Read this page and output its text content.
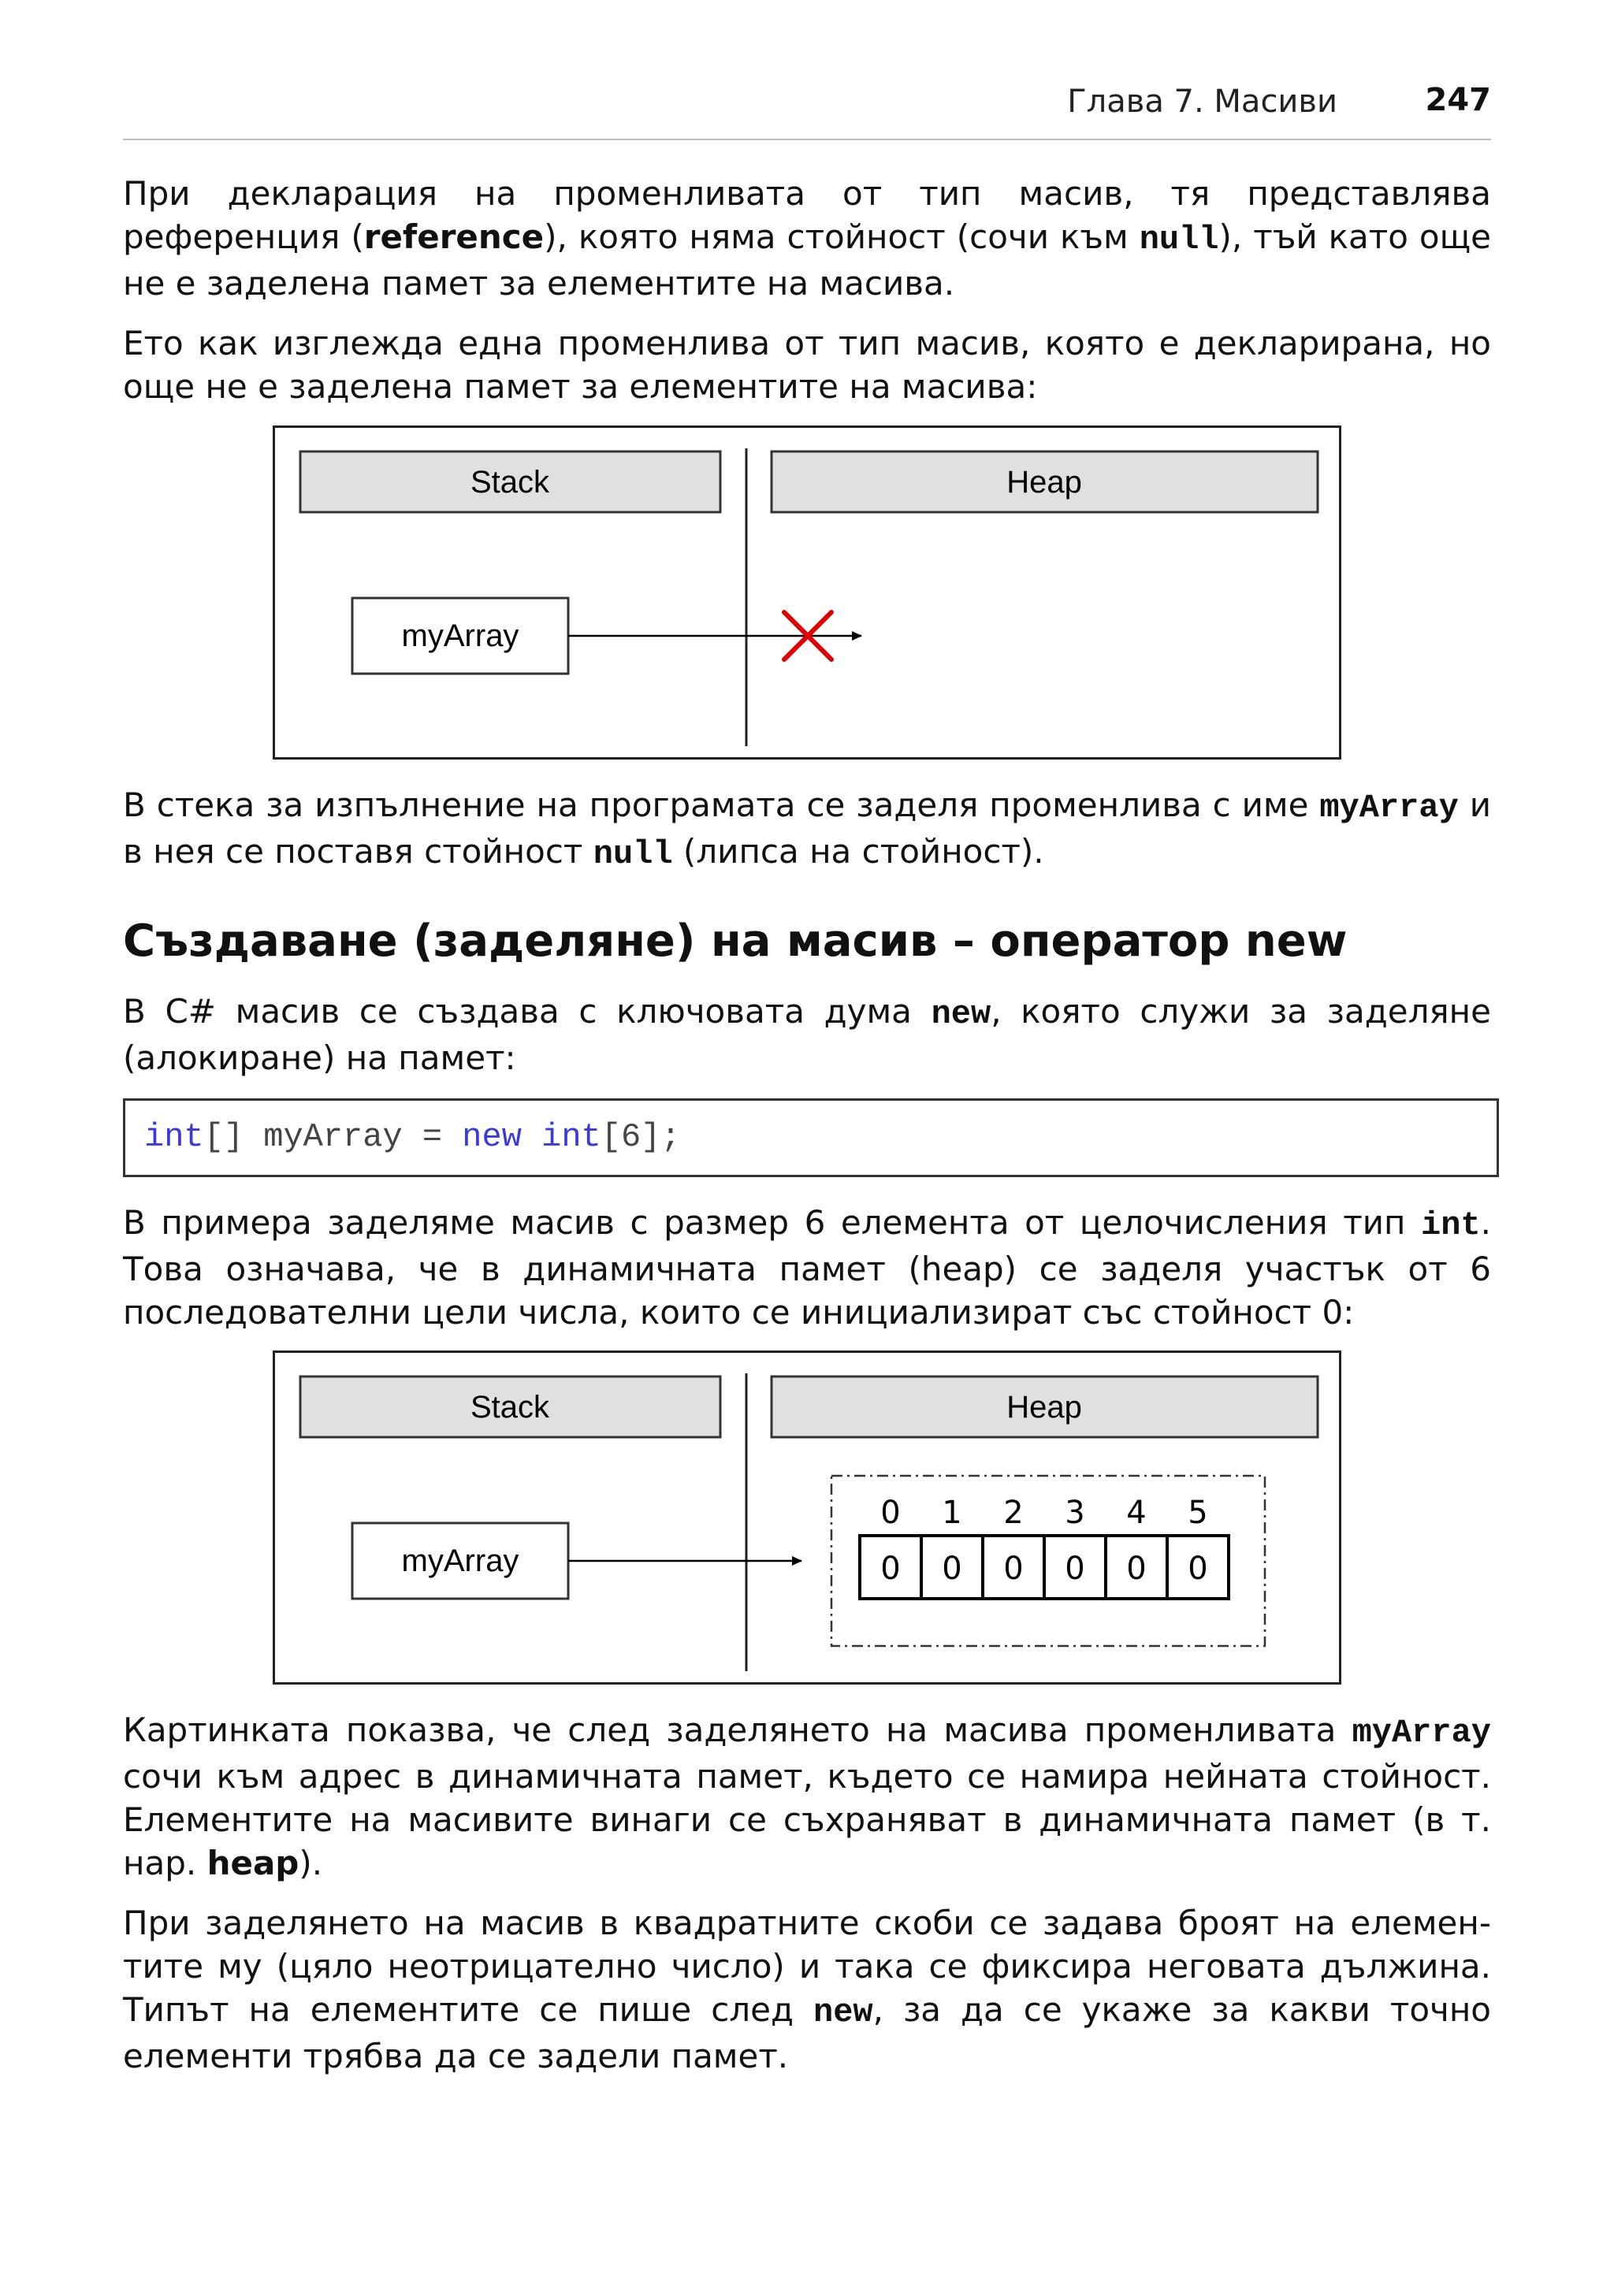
Глава 7. Масиви	247

При декларация на променливата от тип масив, тя представлява референция (reference), която няма стойност (сочи към null), тъй като още не е заделена памет за елементите на масива.

Ето как изглежда една променлива от тип масив, която е декларирана, но още не е заделена памет за елементите на масива:

Stack	Heap
myArray

В стека за изпълнение на програмата се заделя променлива с име myArray и в нея се поставя стойност null (липса на стойност).

Създаване (заделяне) на масив – оператор new

В C# масив се създава с ключовата дума new, която служи за заделяне (алокиране) на памет:

int[] myArray = new int[6];

В примера заделяме масив с размер 6 елемента от целочисления тип int. Това означава, че в динамичната памет (heap) се заделя участък от 6 последователни цели числа, които се инициализират със стойност 0:

Stack	Heap
myArray	0
0
0
1
0
2
0
3
0
4
0
5

Картинката показва, че след заделянето на масива променливата myArray сочи към адрес в динамичната памет, където се намира нейната стойност. Елементите на масивите винаги се съхраняват в динамичната памет (в т. нар. heap).

При заделянето на масив в квадратните скоби се задава броят на елемен-тите му (цяло неотрицателно число) и така се фиксира неговата дължина. Типът на елементите се пише след new, за да се укаже за какви точно елементи трябва да се задели памет.
